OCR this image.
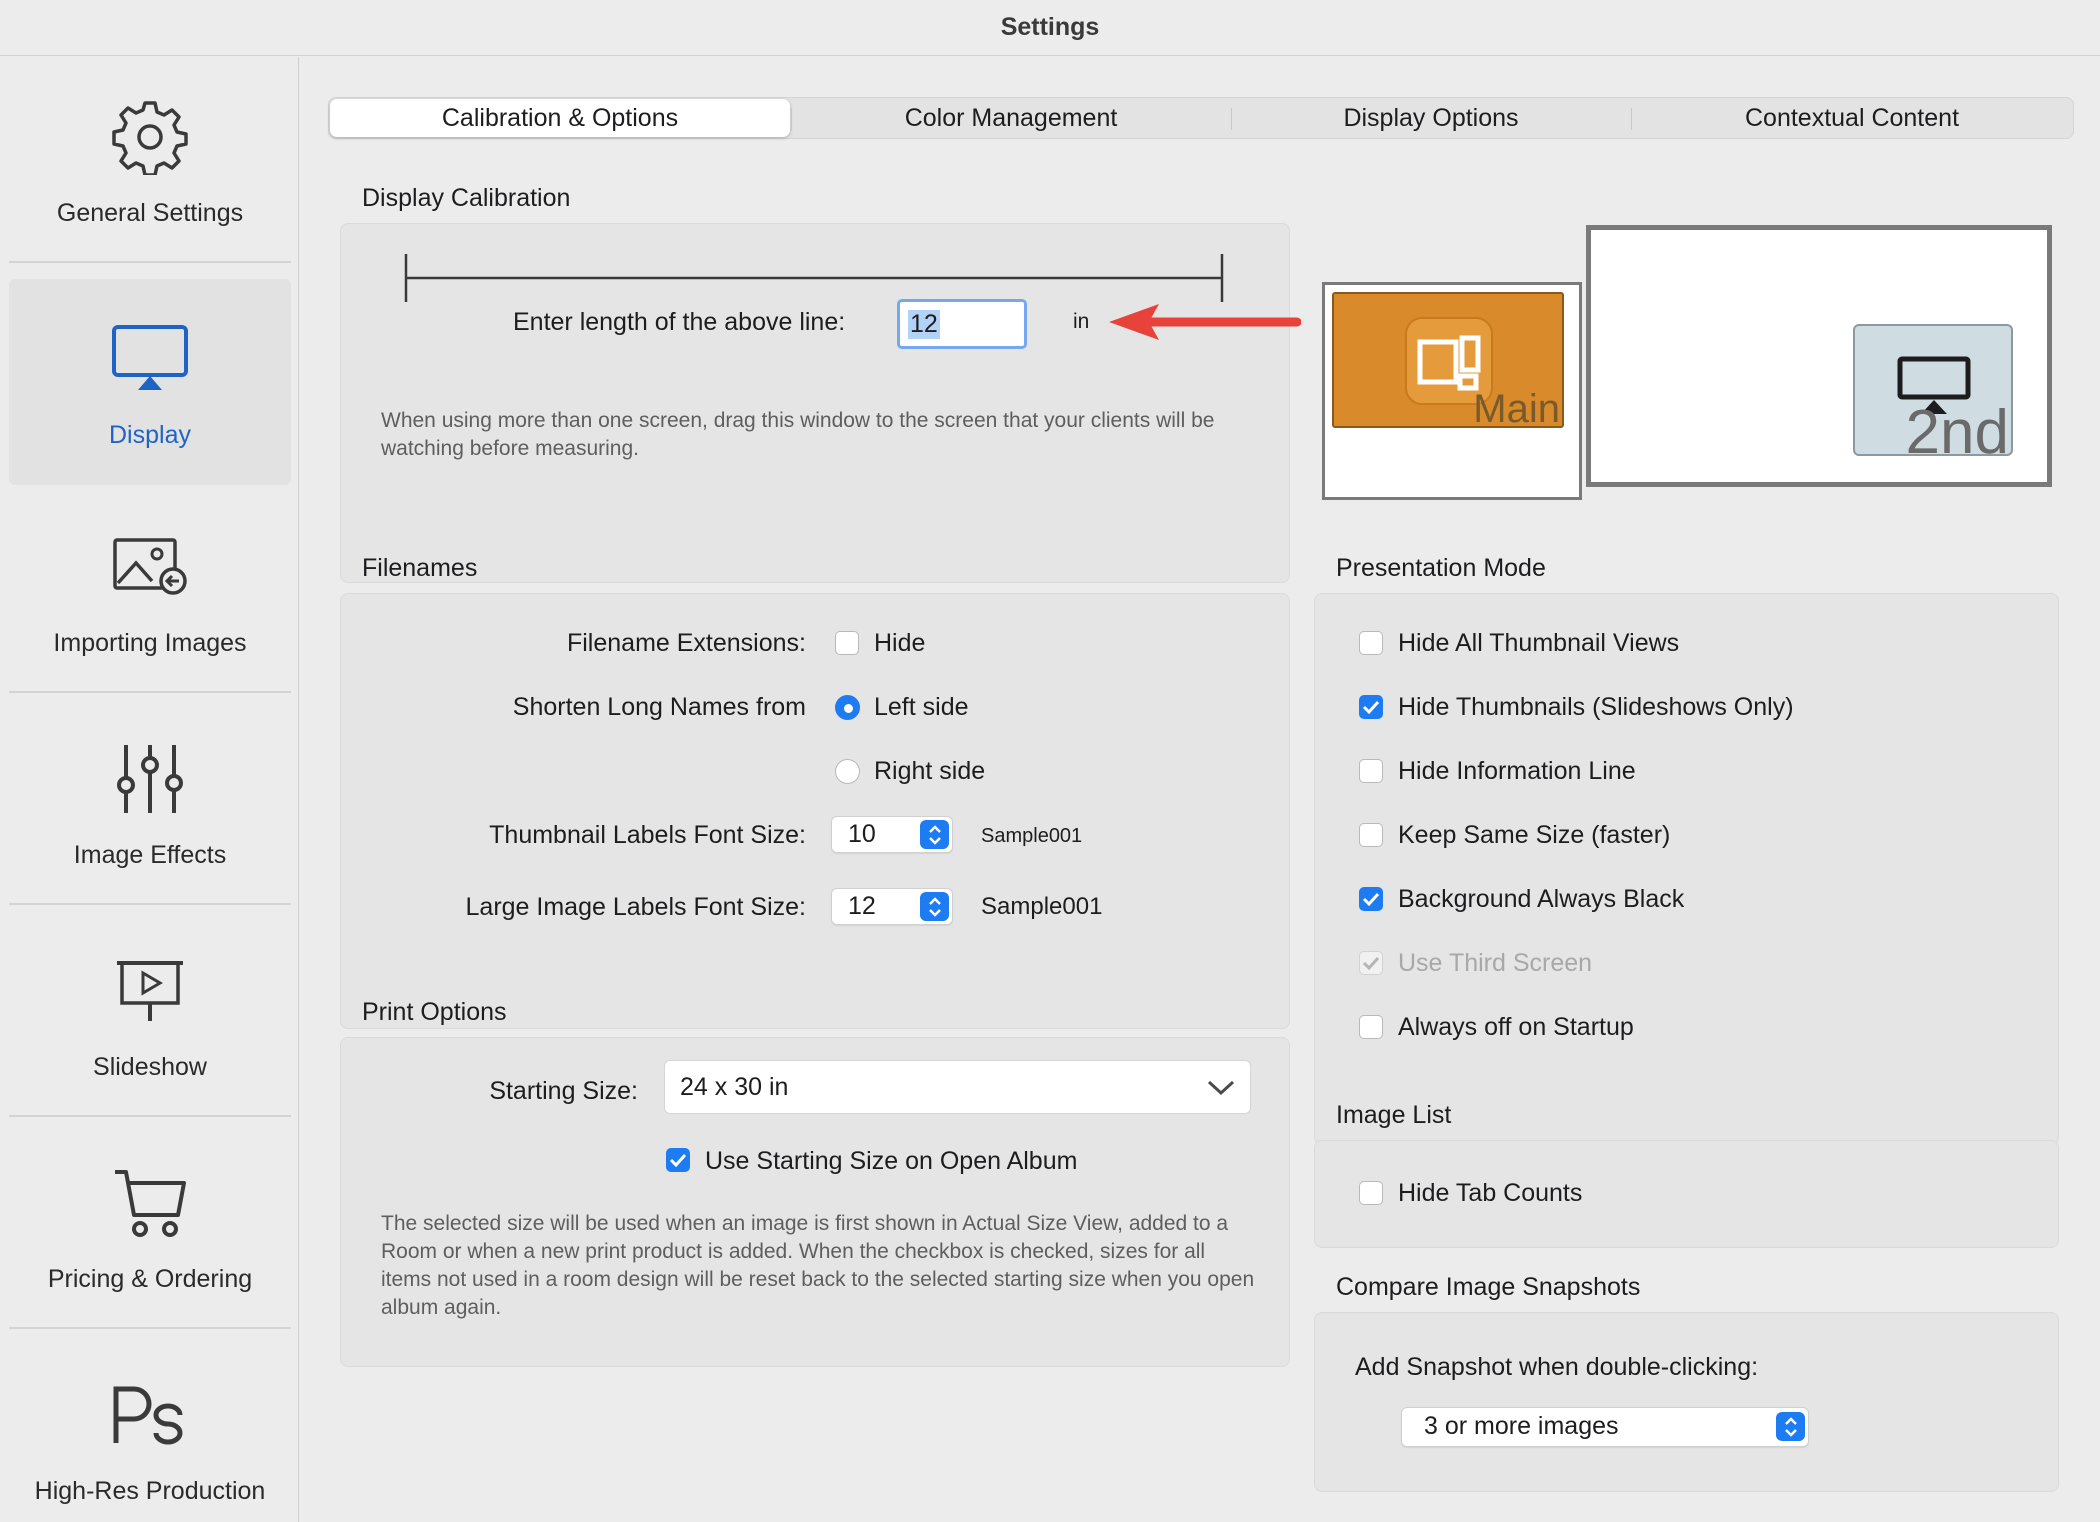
Settings
General Settings
Display
Importing Images
Image Effects
Slideshow
Pricing & Ordering
High-Res Production
Calibration & Options	Color Management	Display Options	Contextual Content
Display Calibration
Enter length of the above line:	12	in
When using more than one screen, drag this window to the screen that your clients will be watching before measuring.
Main	2nd
Filenames
Filename Extensions:	Hide
Shorten Long Names from	Left side
Right side
Thumbnail Labels Font Size: 10	Sample001
Large Image Labels Font Size: 12	Sample001
Print Options
Starting Size: 24 x 30 in
Use Starting Size on Open Album
The selected size will be used when an image is first shown in Actual Size View, added to a Room or when a new print product is added. When the checkbox is checked, sizes for all items not used in a room design will be reset back to the selected starting size when you open album again.
Presentation Mode
Hide All Thumbnail Views
Hide Thumbnails (Slideshows Only)
Hide Information Line
Keep Same Size (faster)
Background Always Black
Use Third Screen
Always off on Startup
Image List
Hide Tab Counts
Compare Image Snapshots
Add Snapshot when double-clicking:
3 or more images
